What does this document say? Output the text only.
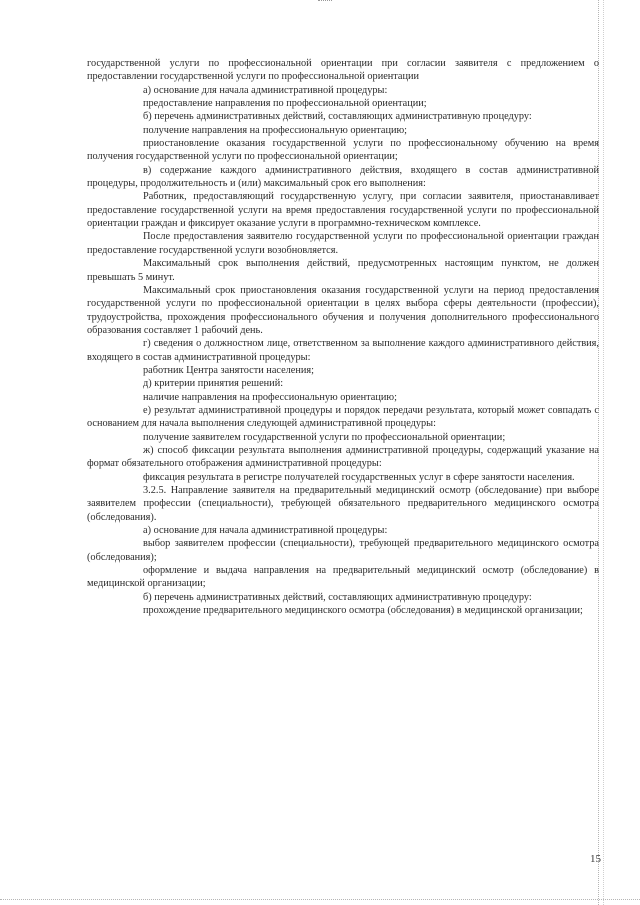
государственной услуги по профессиональной ориентации при согласии заявителя с предложением о предоставлении государственной услуги по профессиональной ориентации

а) основание для начала административной процедуры:

предоставление направления по профессиональной ориентации;

б) перечень административных действий, составляющих административную процедуру:

получение направления на профессиональную ориентацию;

приостановление оказания государственной услуги по профессиональному обучению на время получения государственной услуги по профессиональной ориентации;

в) содержание каждого административного действия, входящего в состав административной процедуры, продолжительность и (или) максимальный срок его выполнения:

Работник, предоставляющий государственную услугу, при согласии заявителя, приостанавливает предоставление государственной услуги на время предоставления государственной услуги по профессиональной ориентации граждан и фиксирует оказание услуги в программно-техническом комплексе.

После предоставления заявителю государственной услуги по профессиональной ориентации граждан предоставление государственной услуги возобновляется.

Максимальный срок выполнения действий, предусмотренных настоящим пунктом, не должен превышать 5 минут.

Максимальный срок приостановления оказания государственной услуги на период предоставления государственной услуги по профессиональной ориентации в целях выбора сферы деятельности (профессии), трудоустройства, прохождения профессионального обучения и получения дополнительного профессионального образования составляет 1 рабочий день.

г) сведения о должностном лице, ответственном за выполнение каждого административного действия, входящего в состав административной процедуры:

работник Центра занятости населения;

д) критерии принятия решений:

наличие направления на профессиональную ориентацию;

е) результат административной процедуры и порядок передачи результата, который может совпадать с основанием для начала выполнения следующей административной процедуры:

получение заявителем государственной услуги по профессиональной ориентации;

ж) способ фиксации результата выполнения административной процедуры, содержащий указание на формат обязательного отображения административной процедуры:

фиксация результата в регистре получателей государственных услуг в сфере занятости населения.

3.2.5. Направление заявителя на предварительный медицинский осмотр (обследование) при выборе заявителем профессии (специальности), требующей обязательного предварительного медицинского осмотра (обследования).

а) основание для начала административной процедуры:

выбор заявителем профессии (специальности), требующей предварительного медицинского осмотра (обследования);

оформление и выдача направления на предварительный медицинский осмотр (обследование) в медицинской организации;

б) перечень административных действий, составляющих административную процедуру:

прохождение предварительного медицинского осмотра (обследования) в медицинской организации;

15
